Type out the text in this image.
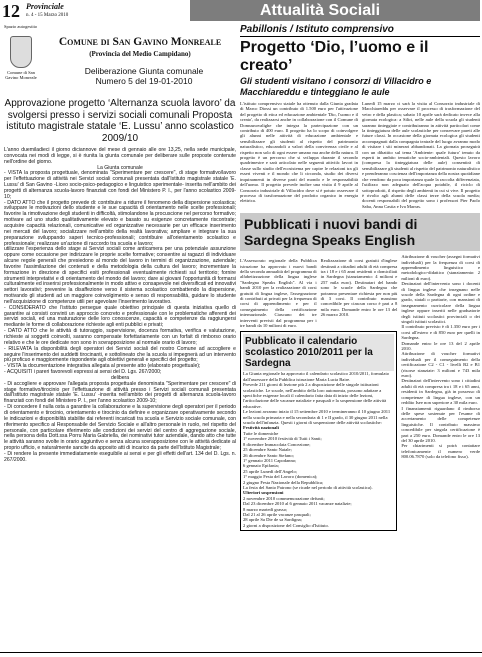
12 Provinciale
n. 4 - 15 Marzo 2010	Attualità Sociali
Spazio autogestito
Comune di San Gavino Monreale
Comune di San Gavino Monreale
(Provincia del Medio Campidano)
Deliberazione Giunta comunale
Numero 5 del 19-01-2010
Approvazione progetto ‘Alternanza scuola lavoro’ da svolgersi presso i servizi sociali comunali Proposta istituto magistrale statale ‘E. Lussu’ anno scolastico 2009/10

L'anno duemiladieci il giorno diciannove del mese di gennaio alle ore 13,25, nella sede municipale, convocata nei modi di legge, si è riunita la giunta comunale per deliberare sulle proposte contenute nell'ordine del giorno.

La Giunta comunale

- VISTA la proposta progettuale, denominata "Sperimentare per crescere", di stage formativo/lavoro per l'effettuazione di attività nei Servizi sociali comunali presentata dall'Istituto magistrale statale 'E. Lussu' di San Gavino -Liceo socio-psico-pedagogico e linguistico sperimentale- inserita nell'ambito dei progetti di alternanza scuola-lavoro finanziati con fondi del Ministero P. I., per l'anno scolastico 2009-10;

- DATO ATTO che il progetto prevede di: contribuire a ridurre il fenomeno della dispersione scolastica; sviluppare le motivazioni dello studente e le sue capacità di orientamento nelle scelte professionali; favorire la rimotivazione degli studenti in difficoltà, stimolandone la procuscione nel percorso formativo; motivare ad uno studio qualitativamente elevato e basato su esigenze concretamente riscontrate; acquisire capacità relazionali, comunicative ed organizzative necessarie per un efficace inserimento nei mercati del lavoro; socializzare nell'ambito della realtà lavorativa; ampliare e integrare la sua preparazione sviluppando saperi tecnico-professionali; contribuire all'orientamento scolastico e professionale; realizzare un'azione di raccordo tra scuola e lavoro;

utilizzare l'esperienza dello stage ai Servizi sociali come anticamera per una potenziale assunzione oppure come occasione per indirizzare le proprie scelte formative; consentire ai ragazzi di individuare alcune regole generali che presiedono al mondo del lavoro in termini di organizzazione, aziendale; favorire l'assimilazione dei contenuti e della metodologia della cultura del lavoro; incrementare la formazione in direzione di specifici esiti professionali eventualmente richiesti sul territorio; fornire strumenti interpretativi e di orientamento del mondo del lavoro; dare ai giovani l'opportunità di formarsi culturalmente ed inserirsi professionalmente in modo attivo e consapevole nei diversificati ed innovativi settori lavorativi; prevenire la disaffezione verso il sistema scolastico combattendo la dispersione, motivando gli studenti ad un maggiore coinvolgimento e senso di responsabilità, guidare lo studente nell'acquisizione di competenze utili per agevolare l'inserimento lavorativo.

- CONSIDERATO che l'istituto persegue quale obiettivo principale di questa iniziativa quello di garantire ai corsisti convinti un approccio concreto e professionale con le problematiche afferenti dei servizi sociali, ed una maturazione delle loro conoscenze, capacità e competenze da raggiungersi mediante le forme di collaborazione richieste agli enti pubblici e privati;

- DATO ATTO che le attività di tutoraggio, supervisione, docenza formativa, verifica e valutazione, richieste ai soggetti coinvolti, saranno compensate forfettariamente con un forfait di rimborso orario relativo e che le ore dedicate non sono in sovrapposizione al normale orario di lavoro;

- RILEVATA la disponibilità degli operatori dei Servizi sociali del nostro Comune ad accogliere e seguire l'inserimento dei suddetti tirocinanti, e sottolineato che la scuola si impegnerà ad un intervento più proficuo e maggiormente rispondente agli obiettivi generali e specifici del progetto;

- VISTA la documentazione integrativa allegata al presente atto (elaborato progettuale);

- ACQUISITI i pareri favorevoli espressi ai sensi del D. Lgs. 267/2000;

delibera

- Di accogliere e approvare l'allegata proposta progettuale denominata "Sperimentare per crescere" di stage formativo/tirocinio per l'effettuazione di attività presso i Servizi sociali comunali presentata dall'Istituto magistrale statale 'E. Lussu' -inserita nell'ambito dei progetti di alternanza scuola-lavoro finanziati con fondi del Ministero P. I., per l'anno scolastico 2009-10;

- Di concedere il nulla osta a garantire la collaborazione e la supervisione degli operatori per il periodo di orientamento e tirocinio, orientamento e tirocinio da definire e organizzare operativamente secondo le indicazioni e disponibilità stabilite dai referenti incaricati tra scuola e Servizio sociale comunale, con riferimento specifico al Responsabile del Servizio Sociale e all'altro personale in ruolo, nel rispetto del personale, con particolare riferimento alle condizioni dei servizi del centro di aggregazione sociale, nella persona della Dott.ssa Porru Maria Gabriella, dei nominativi tutor aziendale, dando atto che tutte le attività saranno svolte in orario aggiuntivo e senza alcuna sovrapposizione con le attività dedicate al proprio ufficio, e naturalmente sancite da apposito atti di incarico da parte dell'Istituto Magistrale;

- Di rendere la presente immediatamente eseguibile ai sensi e per gli effetti dell'art. 134 del D. Lgs. n. 267/2000.

Pabillonis / Istituto comprensivo
Progetto ‘Dio, l’uomo e il creato’
Gli studenti visitano i consorzi di Villacidro e Macchiareddu e tinteggiano le aule
L'istituto comprensivo statale ha ottenuto dalla Giunta gradata di Marco Diossi un contributo di 1.500 euro per l'attivazione del progetto di etica ed educazione ambientale 'Dio, l'uomo e il creato', da realizzarsi anche in collaborazione con il Comune di Domusnovalighe che integra la partecipazione con un contributo di 400 euro. Il progetto ha lo scopo di coinvolgere gli alunni nelle attività di educazione ambientale e sensibilizzare gli studenti al rispetto del patrimonio naturalistico, educandoli a valori della convivenza civile e al rispetto non solo di ogni essere umano ma anche della natura. Il progetto è un percorso che si sviluppa durante il secondo quadrimestre e sarà articolato nelle seguenti attività: lavori in classe sullo studio dell'ecosistema per capire le relazioni tra gli esseri viventi e il mondo che li circonda, studio dei diversi inquinamenti in diverse parti del mondo e le responsabilità dell'uomo. Il progetto prevede inoltre una visita il 9 aprile al Consorzio industriale di Villacidro dove si è potuto osservare il processo di trasformazione del prodotto organico in energia elettrica.
Lunedì 15 marzo ci sarà la visita al Consorzio industriale di Macchiareddu per osservare il processo di trasformazione del vetro e della plastica; sabato 10 aprile sarà dedicato invece alla giornata ecologica: a Siliri, nelle aule della scuola gli studenti saranno tinteggiate e contribuiranno in attività particolari come la tinteggiatura delle aule scolastiche per conservare pareti alle future classi. In occasione della giornata ecologica gli studenti accompagnati dalla compagnia teatrale del luogo avranno modo di visitare i siti minerari abbandonati. La giornata proseguirà con un dibattito sul tema 'Ambiente: quale futuro' tenuto da esperti in ambito tematiche socio-ambientali. Questo lavoro (compresa la tinteggiatura delle aule) consentirà di sensibilizzare gli studenti al rispetto del patrimonio naturalistico e prenderanno coscienza dell'importanza della nostra quotidiane che vendono da poca importanza quale la raccolta differenziata, l'utilizzo non adeguato dell'acqua potabile, il riciclo di sottoprodotti, il rispetto degli ambienti in cui si vive. Il progetto è rivolto agli alunni delle classi terze della scuola media; docenti responsabili del progetto sono i professori Pier Paolo Saba, Anna Castia e Iva Marras.
Pubblicati i nuovi bandi di Sardegna Speaks English
L'Assessorato regionale della Pubblica istruzione ha approvato i nuovi bandi della seconda annualità del programma di alfabetizzazione della lingua inglese "Sardegna Speaks English". Al via i bandi 2010 per la realizzazione di corsi gratuiti di lingua inglese, l'assegnazione di contributi ai privati per la frequenza di corsi di apprendimento e per il conseguimento della certificazione internazionale. Ciascuno dei tre interventi previsti dal programma per i tre bandi da 10 milioni di euro.
Realizzazione di corsi gratuiti d'inglese destinati a cittadini adulti di età compresa tra i 18 e i 65 anni residenti o domiciliati in Sardegna (stanziamento: 4 milioni e 257 mila euro). Destinatari del bando sono le scuole della Sardegna che potranno presentare richiesta per non più di 3 corsi. Il contributo massimo concedibile per ciascun corso è pari a 8 mila euro. Domande entro le ore 13 del 26 marzo 2010.
Pubblicato il calendario scolastico 2010/2011 per la Sardegna
La Giunta regionale ha approvato il calendario scolastico 2010/2011, formulato dall'assessore della Pubblica istruzione Maria Lucia Baire.
Prevede 211 giorni di lezione più 2 a disposizione delle singole istituzioni scolastiche. Le scuole, nell'ambito della loro autonomia, possono adattare a specifiche esigenze locali il calendario fatta data di inizio delle lezioni, l'articolazione delle vacanze natalizie e pasquali e la sospensione delle attività educative.
Le lezioni avranno inizio il 15 settembre 2010 e termineranno il 10 giugno 2011 nella scuola primaria e nella secondaria di 1 e II grado, il 30 giugno 2011 nella scuola dell'infanzia. Questi i giorni di sospensione delle attività scolastiche:
Festività nazionali
Tutte le domeniche
1° novembre 2010 festività di Tutti i Santi;
8 dicembre Immacolata Concezione;
25 dicembre Santo Natale;
26 dicembre Santo Stefano;
1° gennaio 2011 Capodanno;
6 gennaio Epifania;
25 aprile Lunedì dell'Angelo;
1° maggio Festa del Lavoro (domenica);
2 giugno Festa Nazionale della Repubblica;
La festa del Santo Patrono (se ricade nel periodo di attività scolastica).
Ulteriori sospensioni
2 novembre 2010 commemorazione defunti;
Dal 23 dicembre 2010 al 6 gennaio 2011 vacanze natalizie;
8 marzo martedì grasso;
Dal 21 al 26 aprile vacanze pasquali;
28 aprile Sa Die de sa Sardigna;
2 giorni a disposizione del Consiglio d'Istituto.
Attribuzione di voucher (assegni formativi individuali) per la frequenza di corsi di apprendimento linguistico e metodologico-didattico (stanziamento: 2 milioni di euro).
Destinatari dell'intervento sono i docenti di lingua inglese che insegnano nelle scuole della Sardegna di ogni ordine e grado, statali o paritarie, con mansioni di insegnamento curricolare della lingua inglese oppure inseriti nelle graduatorie degli istituti scolastici provinciali o dei singoli istituti scolastici.
Il contributo previsto è di 1.350 euro per i corsi all'estero e di 850 euro per quelli in Sardegna.
Domande entro le ore 13 del 2 aprile 2010.
Attribuzione di voucher formativi individuali per il conseguimento della certificazione C2 - C1 - livelli B2 e B1 (risorse stanziate: 3 milioni e 743 mila euro).
Destinatari dell'intervento sono i cittadini adulti di età compresa tra i 18 e i 65 anni, residenti in Sardegna, già in possesso di competenze di lingua inglese, con un reddito Isee non superiore a 30 mila euro.
I finanziamenti riguardano il rimborso delle spese sostenute per l'esame di accertamento delle competenze linguistiche. Il contributo massimo concedibile per singola certificazione è pari a 250 euro. Domande entro le ore 13 del 30 aprile 2010.
Per chiarimenti si potrà contattare telefonicamente il numero verde 800.06.7870 (solo da telefono fisso).
